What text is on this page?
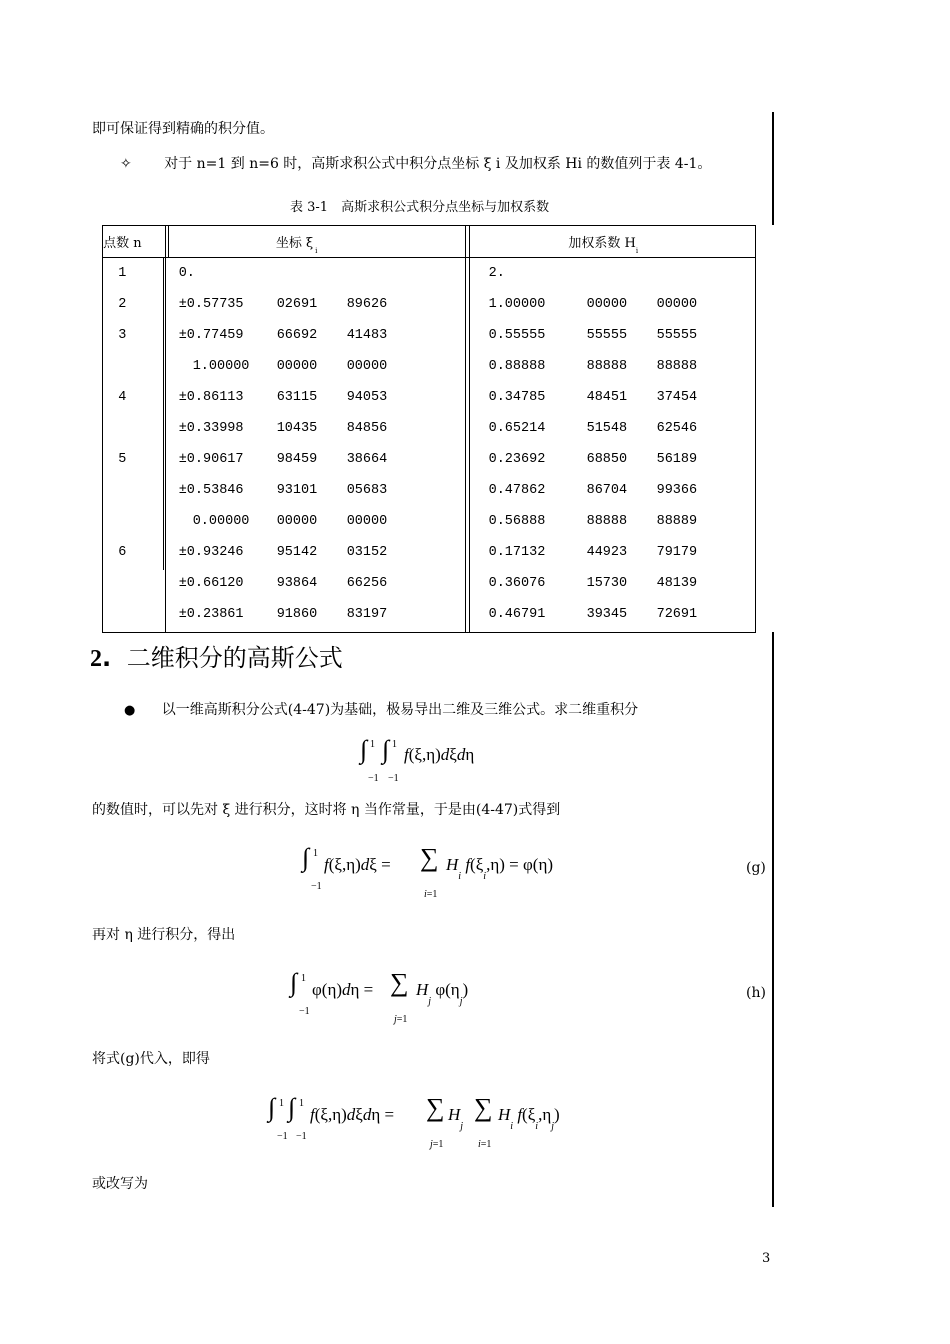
即可保证得到精确的积分值。
✧ 对于 n=1 到 n=6 时，高斯求积公式中积分点坐标 ξ i 及加权系 Hi 的数值列于表 4-1。
表 3-1　高斯求积公式积分点坐标与加权系数
点数 n	坐标 ξ $_i$	加权系数 $H_i$
1	0.	2.
2	±0.57735 02691 89626	1.00000 00000 00000
3	±0.77459 66692 41483	0.55555 55555 55555
	1.00000 00000 00000	0.88888 88888 88888
4	±0.86113 63115 94053	0.34785 48451 37454
	±0.33998 10435 84856	0.65214 51548 62546
5	±0.90617 98459 38664	0.23692 68850 56189
	±0.53846 93101 05683	0.47862 86704 99366
	0.00000 00000 00000	0.56888 88888 88889
6	±0.93246 95142 03152	0.17132 44923 79179
	±0.66120 93864 66256	0.36076 15730 48139
	±0.23861 91860 83197	0.46791 39345 72691
2. 二维积分的高斯公式
● 以一维高斯积分公式(4-47)为基础，极易导出二维及三维公式。求二维重积分
∫ 1
−1
∫ 1
−1
f(ξ,η)dξdη
的数值时，可以先对 ξ 进行积分，这时将 η 当作常量，于是由(4-47)式得到
∫ 1
−1
f(ξ,η)dξ = ∑
i=1
$H_i$ $f(\xi_i,\eta) = \varphi(\eta)$	(g)
再对 η 进行积分，得出
∫ 1
−1
φ(η)dη = ∑
j=1
$H_j$ $\varphi(\eta_j)$	(h)
将式(g)代入，即得
∫ 1
−1
∫ 1
−1
f(ξ,η)dξdη = ∑
j=1
$H_j$
∑
i=1
$H_i$ $f(\xi_i,\eta_j)$
或改写为
3
